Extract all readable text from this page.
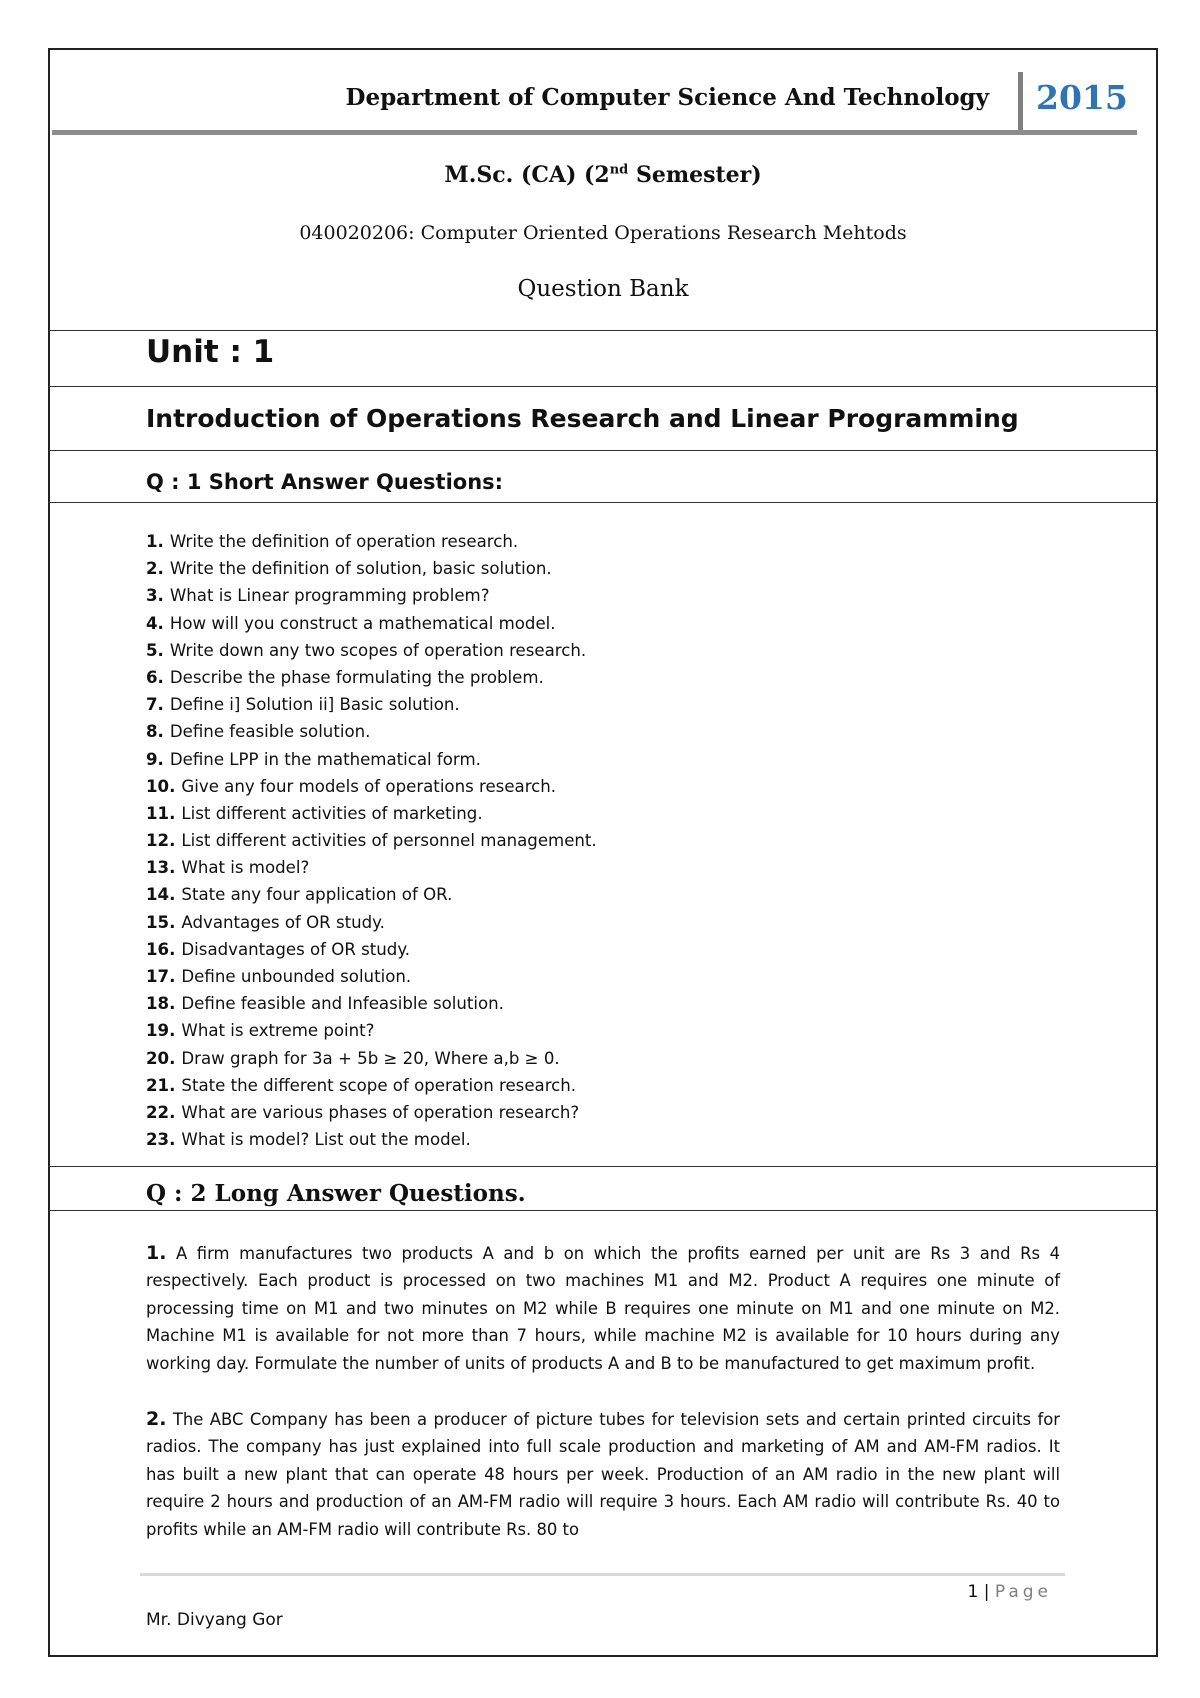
Department of Computer Science And Technology 2015
M.Sc. (CA) (2nd Semester)
040020206: Computer Oriented Operations Research Mehtods
Question Bank
Unit : 1
Introduction of Operations Research and Linear Programming
Q : 1 Short Answer Questions:
1. Write the definition of operation research.
2. Write the definition of solution, basic solution.
3. What is Linear programming problem?
4. How will you construct a mathematical model.
5. Write down any two scopes of operation research.
6. Describe the phase formulating the problem.
7. Define i] Solution ii] Basic solution.
8. Define feasible solution.
9. Define LPP in the mathematical form.
10. Give any four models of operations research.
11. List different activities of marketing.
12. List different activities of personnel management.
13. What is model?
14. State any four application of OR.
15. Advantages of OR study.
16. Disadvantages of OR study.
17. Define unbounded solution.
18. Define feasible and Infeasible solution.
19. What is extreme point?
20. Draw graph for 3a + 5b ≥ 20, Where a,b ≥ 0.
21. State the different scope of operation research.
22. What are various phases of operation research?
23. What is model? List out the model.
Q : 2 Long Answer Questions.

1. A firm manufactures two products A and b on which the profits earned per unit are Rs 3 and Rs 4 respectively. Each product is processed on two machines M1 and M2. Product A requires one minute of processing time on M1 and two minutes on M2 while B requires one minute on M1 and one minute on M2. Machine M1 is available for not more than 7 hours, while machine M2 is available for 10 hours during any working day. Formulate the number of units of products A and B to be manufactured to get maximum profit.

2. The ABC Company has been a producer of picture tubes for television sets and certain printed circuits for radios. The company has just explained into full scale production and marketing of AM and AM-FM radios. It has built a new plant that can operate 48 hours per week. Production of an AM radio in the new plant will require 2 hours and production of an AM-FM radio will require 3 hours. Each AM radio will contribute Rs. 40 to profits while an AM-FM radio will contribute Rs. 80 to

1 | Page
Mr. Divyang Gor
